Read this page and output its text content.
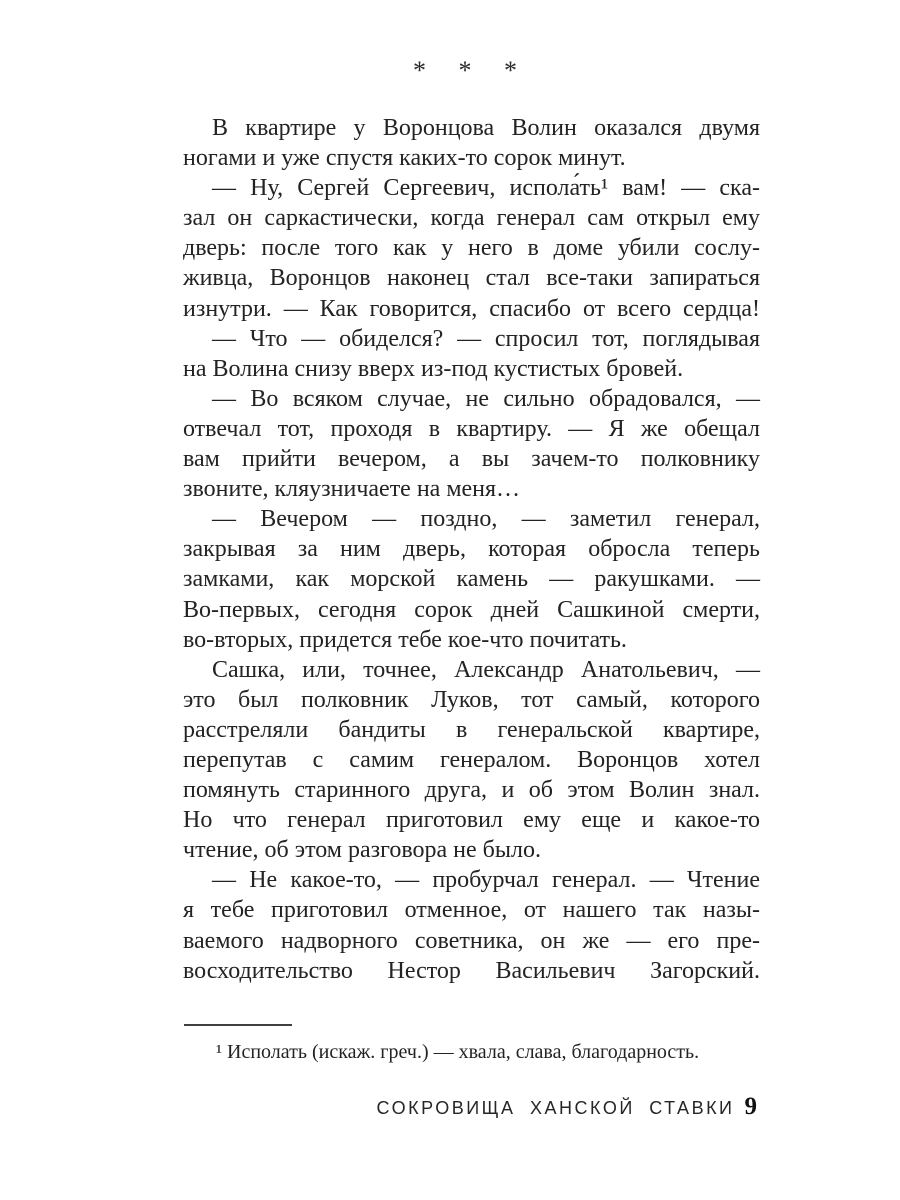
* * *
В квартире у Воронцова Волин оказался двумя
ногами и уже спустя каких-то сорок минут.
— Ну, Сергей Сергеевич, испола́ть¹ вам! — ска-
зал он саркастически, когда генерал сам открыл ему
дверь: после того как у него в доме убили сослу-
живца, Воронцов наконец стал все-таки запираться
изнутри. — Как говорится, спасибо от всего сердца!
— Что — обиделся? — спросил тот, поглядывая
на Волина снизу вверх из-под кустистых бровей.
— Во всяком случае, не сильно обрадовался, —
отвечал тот, проходя в квартиру. — Я же обещал
вам прийти вечером, а вы зачем-то полковнику
звоните, кляузничаете на меня…
— Вечером — поздно, — заметил генерал,
закрывая за ним дверь, которая обросла теперь
замками, как морской камень — ракушками. —
Во-первых, сегодня сорок дней Сашкиной смерти,
во-вторых, придется тебе кое-что почитать.
Сашка, или, точнее, Александр Анатольевич, —
это был полковник Луков, тот самый, которого
расстреляли бандиты в генеральской квартире,
перепутав с самим генералом. Воронцов хотел
помянуть старинного друга, и об этом Волин знал.
Но что генерал приготовил ему еще и какое-то
чтение, об этом разговора не было.
— Не какое-то, — пробурчал генерал. — Чтение
я тебе приготовил отменное, от нашего так назы-
ваемого надворного советника, он же — его пре-
восходительство Нестор Васильевич Загорский.
¹ Исполать (искаж. греч.) — хвала, слава, благодарность.
СОКРОВИЩА ХАНСКОЙ СТАВКИ 9
